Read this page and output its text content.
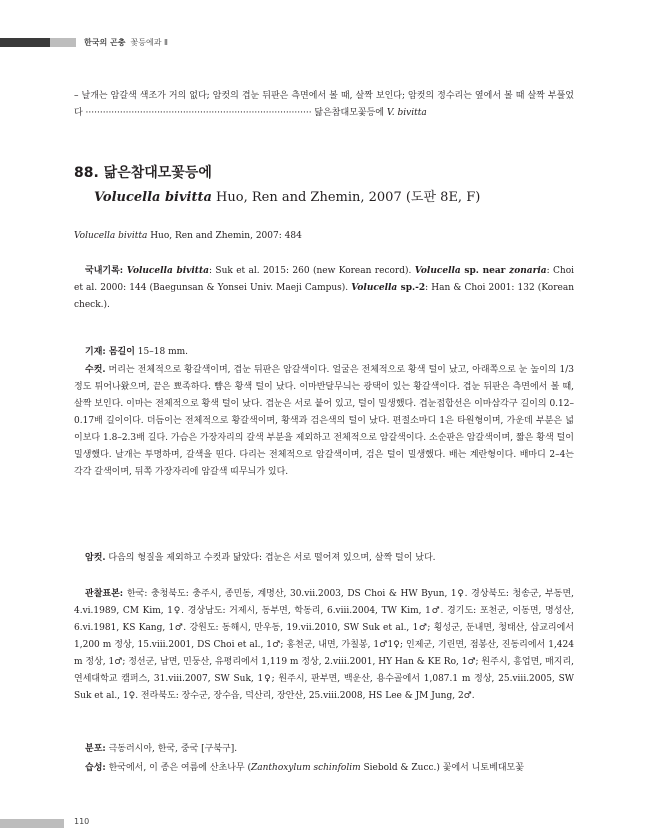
한국의 곤충 꽃등에과 Ⅱ
– 날개는 암갈색 색조가 거의 없다; 암컷의 겹눈 뒤판은 측면에서 볼 때, 살짝 보인다; 암컷의 정수리는 옆에서 볼 때 살짝 부풀었다 ··············································································· 닮은참대모꽃등에 V. bivitta
88. 닮은참대모꽃등에
Volucella bivitta Huo, Ren and Zhemin, 2007 (도판 8E, F)
Volucella bivitta Huo, Ren and Zhemin, 2007: 484
국내기록: Volucella bivitta: Suk et al. 2015: 260 (new Korean record). Volucella sp. near zonaria: Choi et al. 2000: 144 (Baegunsan & Yonsei Univ. Maeji Campus). Volucella sp.-2: Han & Choi 2001: 132 (Korean check.).
기재: 몸길이 15–18 mm.
수컷. 머리는 전체적으로 황갈색이며, 겹눈 뒤판은 암갈색이다. 얼굴은 전체적으로 황색 털이 났고, 아래쪽으로 눈 높이의 1/3 정도 튀어나왔으며, 끝은 뾰족하다. 뺨은 황색 털이 났다. 이마반달무늬는 광택이 있는 황갈색이다. 겹눈 뒤판은 측면에서 볼 때, 살짝 보인다. 이마는 전체적으로 황색 털이 났다. 겹눈은 서로 붙어 있고, 털이 밀생했다. 겹눈접합선은 이마삼각구 길이의 0.12–0.17배 길이이다. 더듬이는 전체적으로 황갈색이며, 황색과 검은색의 털이 났다. 편절소마디 1은 타원형이며, 가운데 부분은 넓이보다 1.8–2.3배 길다. 가슴은 가장자리의 갈색 부분을 제외하고 전체적으로 암갈색이다. 소순판은 암갈색이며, 짧은 황색 털이 밀생했다. 날개는 투명하며, 갈색을 띤다. 다리는 전체적으로 암갈색이며, 검은 털이 밀생했다. 배는 계란형이다. 배마디 2–4는 각각 갈색이며, 뒤쪽 가장자리에 암갈색 띠무늬가 있다.
암컷. 다음의 형질을 제외하고 수컷과 닮았다: 겹눈은 서로 떨어져 있으며, 살짝 털이 났다.
관찰표본: 한국: 충청북도: 충주시, 종민동, 계명산, 30.vii.2003, DS Choi & HW Byun, 1♀. 경상북도: 청송군, 부동면, 4.vi.1989, CM Kim, 1♀. 경상남도: 거제시, 동부면, 학동리, 6.viii.2004, TW Kim, 1♂. 경기도: 포천군, 이동면, 명성산, 6.vi.1981, KS Kang, 1♂. 강원도: 동해시, 만우동, 19.vii.2010, SW Suk et al., 1♂; 횡성군, 둔내면, 청태산, 삽교리에서 1,200 m 정상, 15.viii.2001, DS Choi et al., 1♂; 홍천군, 내면, 가칠봉, 1♂1♀; 인제군, 기린면, 점봉산, 진동리에서 1,424 m 정상, 1♂; 정선군, 남면, 민둥산, 유평리에서 1,119 m 정상, 2.viii.2001, HY Han & KE Ro, 1♂; 원주시, 흥업면, 매지리, 연세대학교 캠퍼스, 31.viii.2007, SW Suk, 1♀; 원주시, 판부면, 백운산, 용수골에서 1,087.1 m 정상, 25.viii.2005, SW Suk et al., 1♀. 전라북도: 장수군, 장수읍, 덕산리, 장안산, 25.viii.2008, HS Lee & JM Jung, 2♂.
분포: 극동러시아, 한국, 중국 [구북구].
습성: 한국에서, 이 종은 여름에 산초나무 (Zanthoxylum schinfolim Siebold & Zucc.) 꽃에서 니토베대모꽃
110
